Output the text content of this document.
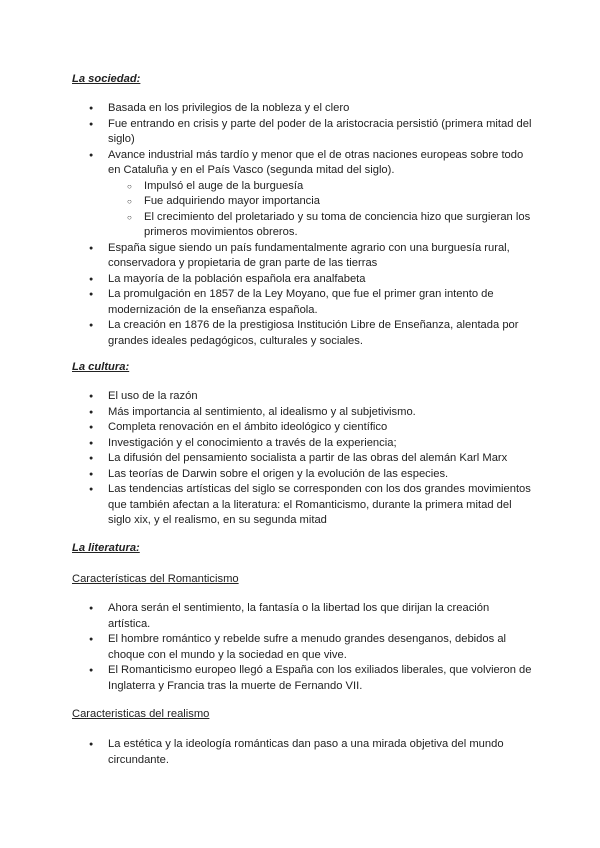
La sociedad:
● Basada en los privilegios de la nobleza y el clero
● Fue entrando en crisis y parte del poder de la aristocracia persistió (primera mitad del siglo)
● Avance industrial más tardío y menor que el de otras naciones europeas sobre todo en Cataluña y en el País Vasco (segunda mitad del siglo).
○ Impulsó el auge de la burguesía
○ Fue adquiriendo mayor importancia
○ El crecimiento del proletariado y su toma de conciencia hizo que surgieran los primeros movimientos obreros.
● España sigue siendo un país fundamentalmente agrario con una burguesía rural, conservadora y propietaria de gran parte de las tierras
● La mayoría de la población española era analfabeta
● La promulgación en 1857 de la Ley Moyano, que fue el primer gran intento de modernización de la enseñanza española.
● La creación en 1876 de la prestigiosa Institución Libre de Enseñanza, alentada por grandes ideales pedagógicos, culturales y sociales.
La cultura:
● El uso de la razón
● Más importancia al sentimiento, al idealismo y al subjetivismo.
● Completa renovación en el ámbito ideológico y científico
● Investigación y el conocimiento a través de la experiencia;
● La difusión del pensamiento socialista a partir de las obras del alemán Karl Marx
● Las teorías de Darwin sobre el origen y la evolución de las especies.
● Las tendencias artísticas del siglo se corresponden con los dos grandes movimientos que también afectan a la literatura: el Romanticismo, durante la primera mitad del siglo xix, y el realismo, en su segunda mitad
La literatura:
Características del Romanticismo
● Ahora serán el sentimiento, la fantasía o la libertad los que dirijan la creación artística.
● El hombre romántico y rebelde sufre a menudo grandes desenganos, debidos al choque con el mundo y la sociedad en que vive.
● El Romanticismo europeo llegó a España con los exiliados liberales, que volvieron de Inglaterra y Francia tras la muerte de Fernando VII.
Caracteristicas del realismo
● La estética y la ideología románticas dan paso a una mirada objetiva del mundo circundante.
